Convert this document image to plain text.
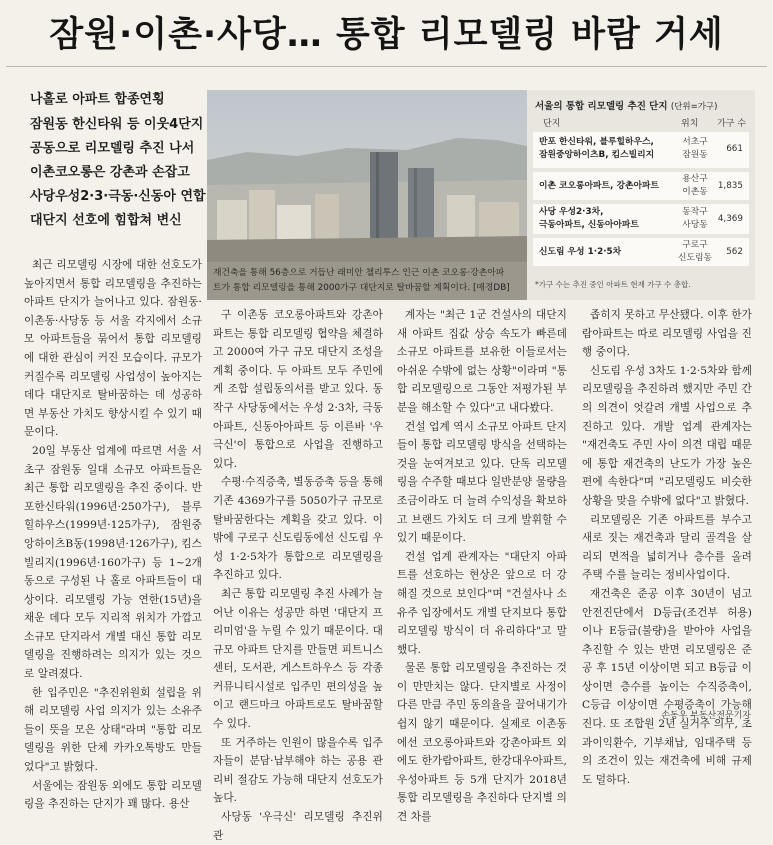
잠원·이촌·사당… 통합 리모델링 바람 거세
나홀로 아파트 합종연횡
잠원동 한신타워 등 이웃4단지
공동으로 리모델링 추진 나서
이촌코오롱은 강촌과 손잡고
사당우성2·3·극동·신동아 연합
대단지 선호에 힘합쳐 변신
재건축을 통해 56층으로 거듭난 래미안 첼리투스 인근 이촌 코오롱·강촌아파
트가 통합 리모델링을 통해 2000가구 대단지로 탈바꿈할 계획이다. [매경DB]
서울의 통합 리모델링 추진 단지 (단위=가구)
단지	위치 가구 수
반포 한신타워, 블루힐하우스,
잠원중앙하이츠B, 킴스빌리지
서초구
잠원동
661
이촌 코오롱아파트, 강촌아파트
용산구
이촌동
1,835
사당 우성2·3차,
극동아파트, 신동아아파트
동작구
사당동
4,369
신도림 우성 1·2·5차
구로구
신도림동
562
*가구 수는 추진 중인 아파트 현재 가구 수 총합.

최근 리모델링 시장에 대한 선호도가 높아지면서 통합 리모델링을 추진하는 아파트 단지가 늘어나고 있다. 잠원동·이촌동·사당동 등 서울 각지에서 소규모 아파트들을 묶어서 통합 리모델링에 대한 관심이 커진 모습이다. 규모가 커질수록 리모델링 사업성이 높아지는 데다 대단지로 탈바꿈하는 데 성공하면 부동산 가치도 향상시킬 수 있기 때문이다.

20일 부동산 업계에 따르면 서울 서초구 잠원동 일대 소규모 아파트들은 최근 통합 리모델링을 추진 중이다. 반포한신타워(1996년·250가구), 블루힐하우스(1999년·125가구), 잠원중앙하이츠B동(1998년·126가구), 킴스빌리지(1996년·160가구) 등 1~2개동으로 구성된 나 홀로 아파트들이 대상이다. 리모델링 가능 연한(15년)을 채운 데다 모두 지리적 위치가 가깝고 소규모 단지라서 개별 대신 통합 리모델링을 진행하려는 의지가 있는 것으로 알려졌다.

한 입주민은 "추진위원회 설립을 위해 리모델링 사업 의지가 있는 소유주들이 뜻을 모은 상태"라며 "통합 리모델링을 위한 단체 카카오톡방도 만들었다"고 밝혔다.

서울에는 잠원동 외에도 통합 리모델링을 추진하는 단지가 꽤 많다. 용산

구 이촌동 코오롱아파트와 강촌아파트는 통합 리모델링 협약을 체결하고 2000여 가구 규모 대단지 조성을 계획 중이다. 두 아파트 모두 주민에게 조합 설립동의서를 받고 있다. 동작구 사당동에서는 우성 2·3차, 극동아파트, 신동아아파트 등 이른바 '우극신'이 통합으로 사업을 진행하고 있다.

수평·수직증축, 별동증축 등을 통해 기존 4369가구를 5050가구 규모로 탈바꿈한다는 계획을 갖고 있다. 이 밖에 구로구 신도림동에선 신도림 우성 1·2·5차가 통합으로 리모델링을 추진하고 있다.

최근 통합 리모델링 추진 사례가 늘어난 이유는 성공만 하면 '대단지 프리미엄'을 누릴 수 있기 때문이다. 대규모 아파트 단지를 만들면 피트니스센터, 도서관, 게스트하우스 등 각종 커뮤니티시설로 입주민 편의성을 높이고 랜드마크 아파트로도 탈바꿈할 수 있다.

또 거주하는 인원이 많을수록 입주자들이 분담·납부해야 하는 공용 관리비 절감도 가능해 대단지 선호도가 높다.

사당동 '우극신' 리모델링 추진위 관

계자는 "최근 1군 건설사의 대단지 새 아파트 집값 상승 속도가 빠른데 소규모 아파트를 보유한 이들로서는 아쉬운 수밖에 없는 상황"이라며 "통합 리모델링으로 그동안 저평가된 부분을 해소할 수 있다"고 내다봤다.

건설 업계 역시 소규모 아파트 단지들이 통합 리모델링 방식을 선택하는 것을 눈여겨보고 있다. 단독 리모델링을 수주할 때보다 일반분양 물량을 조금이라도 더 늘려 수익성을 확보하고 브랜드 가치도 더 크게 발휘할 수 있기 때문이다.

건설 업계 관계자는 "대단지 아파트를 선호하는 현상은 앞으로 더 강해질 것으로 보인다"며 "건설사나 소유주 입장에서도 개별 단지보다 통합 리모델링 방식이 더 유리하다"고 말했다.

물론 통합 리모델링을 추진하는 것이 만만치는 않다. 단지별로 사정이 다른 만큼 주민 동의율을 끌어내기가 쉽지 않기 때문이다. 실제로 이촌동에선 코오롱아파트와 강촌아파트 외에도 한가람아파트, 한강대우아파트, 우성아파트 등 5개 단지가 2018년 통합 리모델링을 추진하다 단지별 의견 차를

좁히지 못하고 무산됐다. 이후 한가람아파트는 따로 리모델링 사업을 진행 중이다.

신도림 우성 3차도 1·2·5차와 함께 리모델링을 추진하려 했지만 주민 간의 의견이 엇갈려 개별 사업으로 추진하고 있다. 개발 업계 관계자는 "재건축도 주민 사이 의견 대립 때문에 통합 재건축의 난도가 가장 높은 편에 속한다"며 "리모델링도 비슷한 상황을 맞을 수밖에 없다"고 밝혔다.

리모델링은 기존 아파트를 부수고 새로 짓는 재건축과 달리 골격을 살리되 면적을 넓히거나 층수를 올려 주택 수를 늘리는 정비사업이다.

재건축은 준공 이후 30년이 넘고 안전진단에서 D등급(조건부 허용) 이나 E등급(불량)을 받아야 사업을 추진할 수 있는 반면 리모델링은 준공 후 15년 이상이면 되고 B등급 이상이면 층수를 높이는 수직증축이, C등급 이상이면 수평증축이 가능해진다. 또 조합원 2년 실거주 의무, 초과이익환수, 기부채납, 임대주택 등의 조건이 있는 재건축에 비해 규제도 덜하다.

손동우 부동산전문기자
